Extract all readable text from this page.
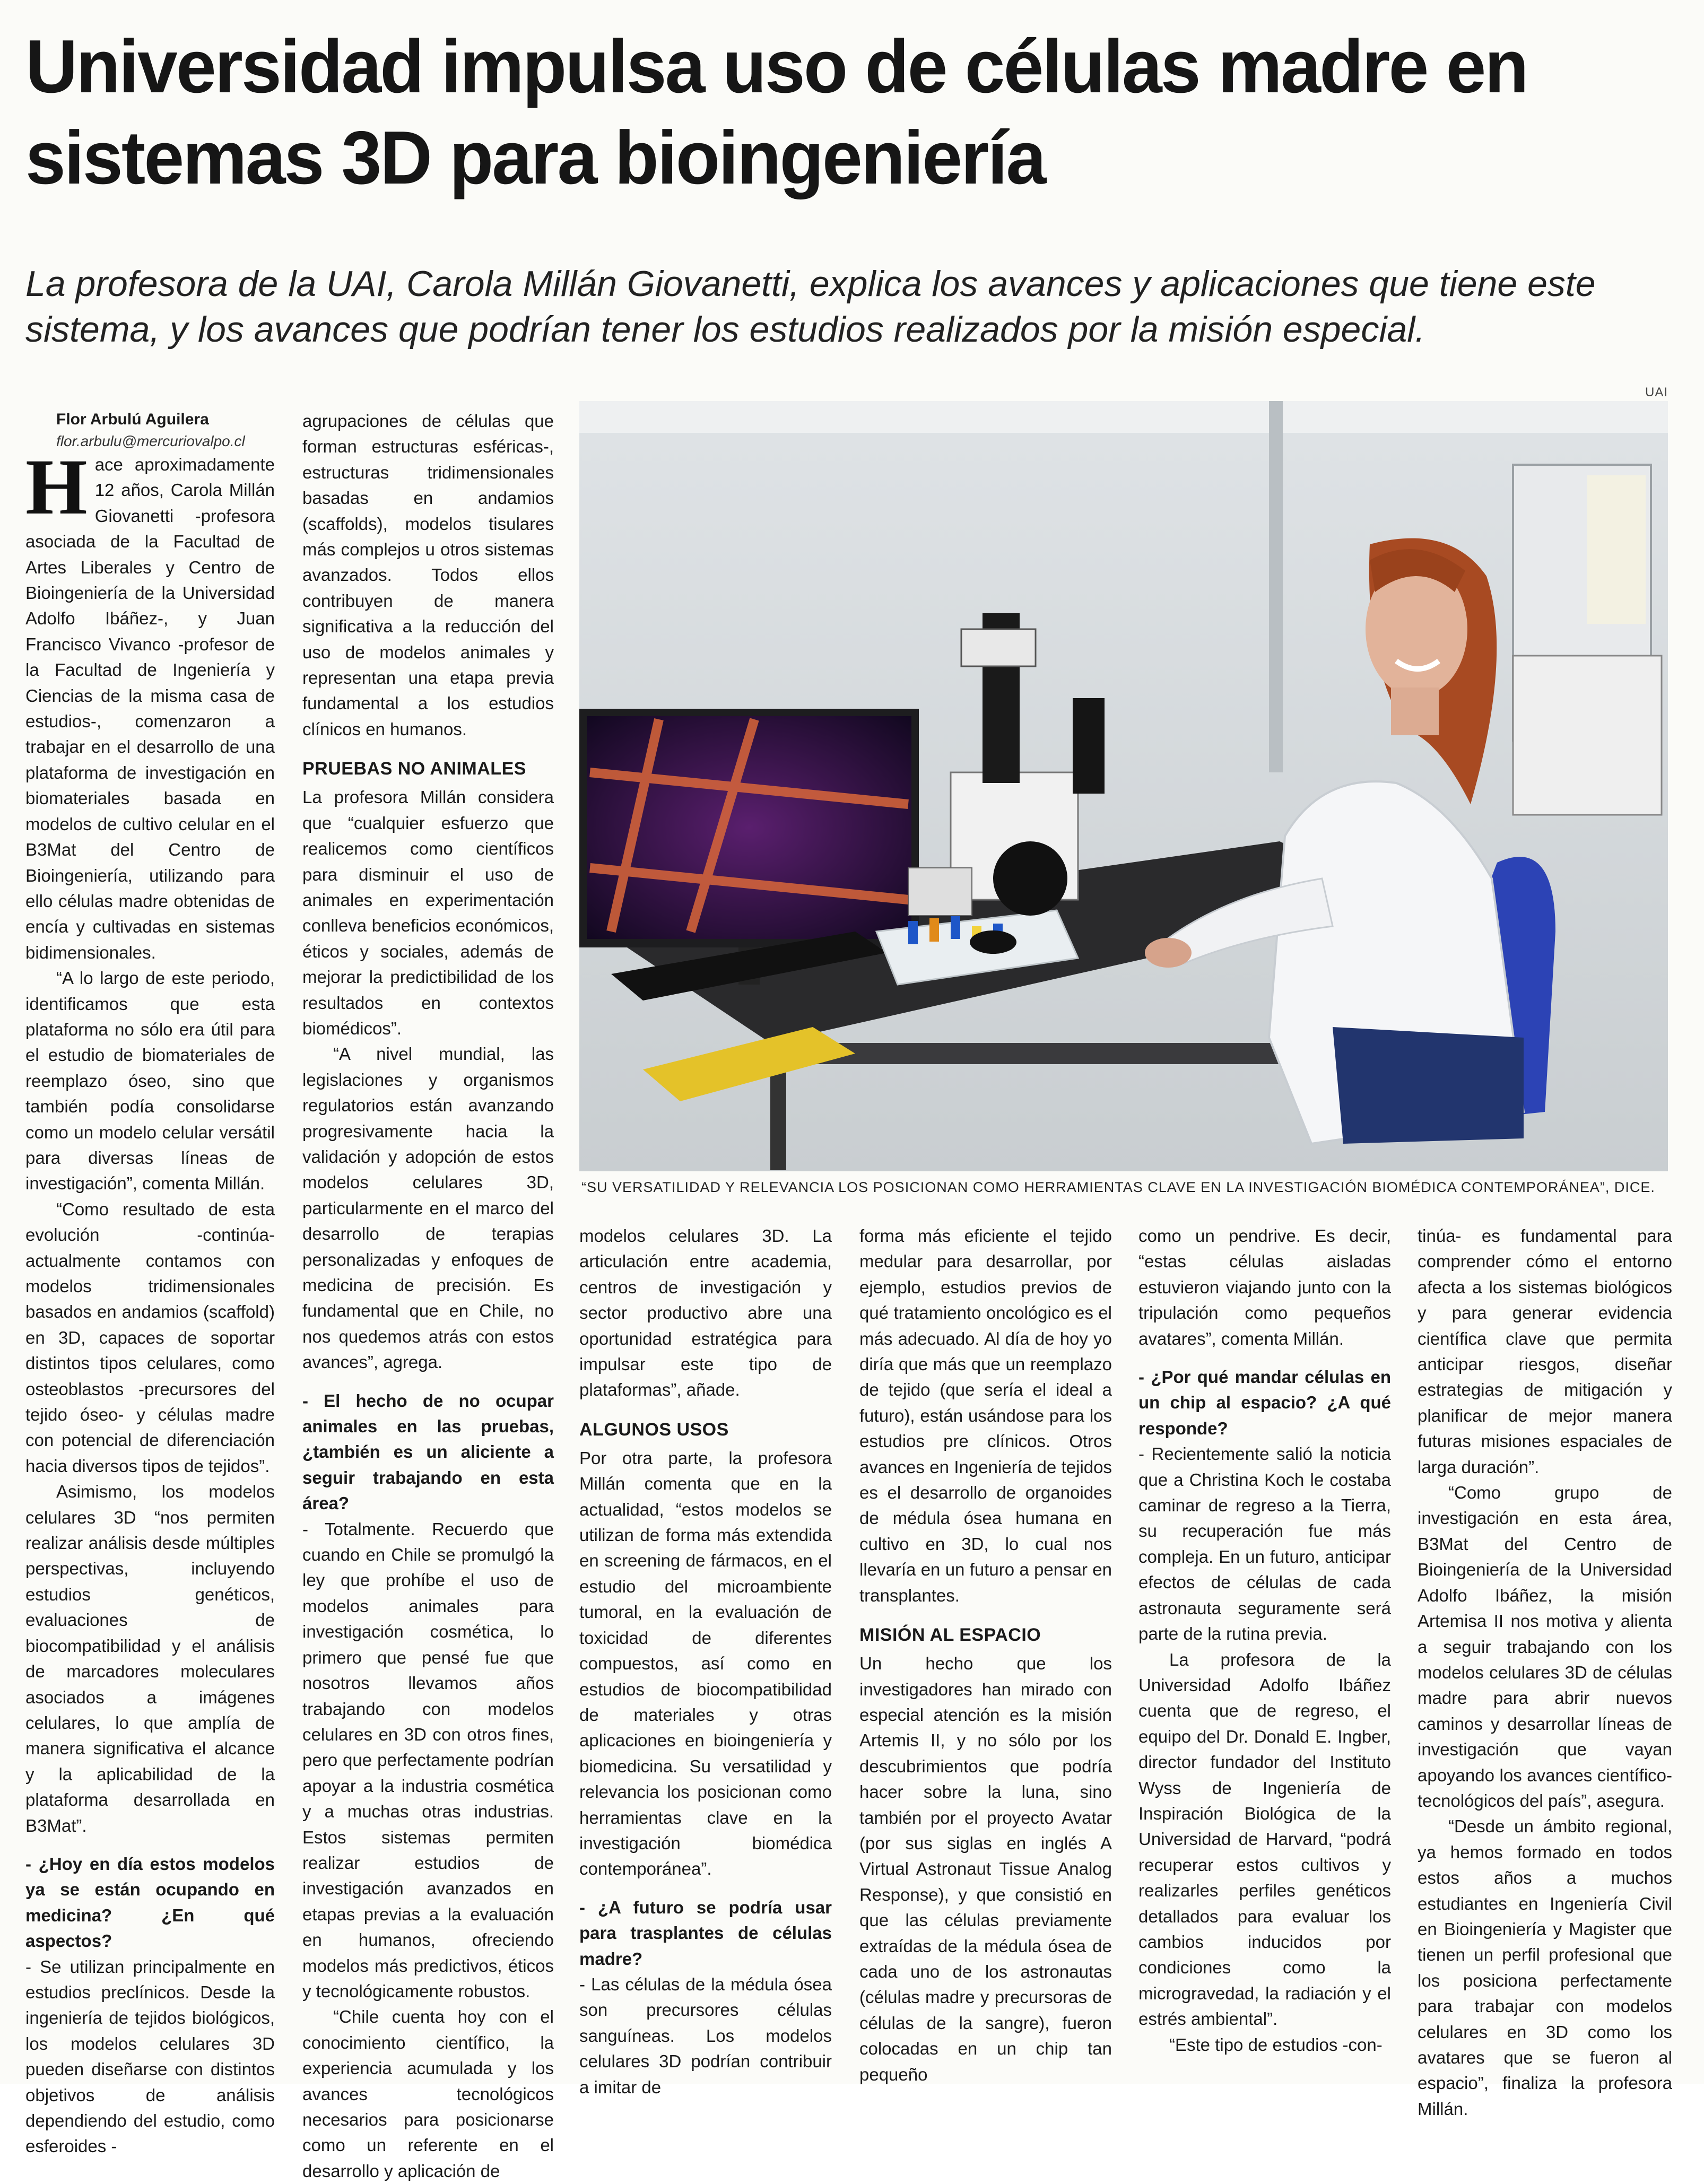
Universidad impulsa uso de células madre en sistemas 3D para bioingeniería
La profesora de la UAI, Carola Millán Giovanetti, explica los avances y aplicaciones que tiene este sistema, y los avances que podrían tener los estudios realizados por la misión especial.

Flor Arbulú Aguilera

flor.arbulu@mercuriovalpo.cl

Hace aproximadamente 12 años, Carola Millán Giovanetti -profesora asociada de la Facultad de Artes Liberales y Centro de Bioingeniería de la Universidad Adolfo Ibáñez-, y Juan Francisco Vivanco -profesor de la Facultad de Ingeniería y Ciencias de la misma casa de estudios-, comenzaron a trabajar en el desarrollo de una plataforma de investigación en biomateriales basada en modelos de cultivo celular en el B3Mat del Centro de Bioingeniería, utilizando para ello células madre obtenidas de encía y cultivadas en sistemas bidimensionales.

“A lo largo de este periodo, identificamos que esta plataforma no sólo era útil para el estudio de biomateriales de reemplazo óseo, sino que también podía consolidarse como un modelo celular versátil para diversas líneas de investigación”, comenta Millán.

“Como resultado de esta evolución -continúa- actualmente contamos con modelos tridimensionales basados en andamios (scaffold) en 3D, capaces de soportar distintos tipos celulares, como osteoblastos -precursores del tejido óseo- y células madre con potencial de diferenciación hacia diversos tipos de tejidos”.

Asimismo, los modelos celulares 3D “nos permiten realizar análisis desde múltiples perspectivas, incluyendo estudios genéticos, evaluaciones de biocompatibilidad y el análisis de marcadores moleculares asociados a imágenes celulares, lo que amplía de manera significativa el alcance y la aplicabilidad de la plataforma desarrollada en B3Mat”.

- ¿Hoy en día estos modelos ya se están ocupando en medicina? ¿En qué aspectos?

- Se utilizan principalmente en estudios preclínicos. Desde la ingeniería de tejidos biológicos, los modelos celulares 3D pueden diseñarse con distintos objetivos de análisis dependiendo del estudio, como esferoides -

agrupaciones de células que forman estructuras esféricas-, estructuras tridimensionales basadas en andamios (scaffolds), modelos tisulares más complejos u otros sistemas avanzados. Todos ellos contribuyen de manera significativa a la reducción del uso de modelos animales y representan una etapa previa fundamental a los estudios clínicos en humanos.

PRUEBAS NO ANIMALES

La profesora Millán considera que “cualquier esfuerzo que realicemos como científicos para disminuir el uso de animales en experimentación conlleva beneficios económicos, éticos y sociales, además de mejorar la predictibilidad de los resultados en contextos biomédicos”.

“A nivel mundial, las legislaciones y organismos regulatorios están avanzando progresivamente hacia la validación y adopción de estos modelos celulares 3D, particularmente en el marco del desarrollo de terapias personalizadas y enfoques de medicina de precisión. Es fundamental que en Chile, no nos quedemos atrás con estos avances”, agrega.

- El hecho de no ocupar animales en las pruebas, ¿también es un aliciente a seguir trabajando en esta área?

- Totalmente. Recuerdo que cuando en Chile se promulgó la ley que prohíbe el uso de modelos animales para investigación cosmética, lo primero que pensé fue que nosotros llevamos años trabajando con modelos celulares en 3D con otros fines, pero que perfectamente podrían apoyar a la industria cosmética y a muchas otras industrias. Estos sistemas permiten realizar estudios de investigación avanzados en etapas previas a la evaluación en humanos, ofreciendo modelos más predictivos, éticos y tecnológicamente robustos.

“Chile cuenta hoy con el conocimiento científico, la experiencia acumulada y los avances tecnológicos necesarios para posicionarse como un referente en el desarrollo y aplicación de

UAI
“SU VERSATILIDAD Y RELEVANCIA LOS POSICIONAN COMO HERRAMIENTAS CLAVE EN LA INVESTIGACIÓN BIOMÉDICA CONTEMPORÁNEA”, DICE.

modelos celulares 3D. La articulación entre academia, centros de investigación y sector productivo abre una oportunidad estratégica para impulsar este tipo de plataformas”, añade.

ALGUNOS USOS

Por otra parte, la profesora Millán comenta que en la actualidad, “estos modelos se utilizan de forma más extendida en screening de fármacos, en el estudio del microambiente tumoral, en la evaluación de toxicidad de diferentes compuestos, así como en estudios de biocompatibilidad de materiales y otras aplicaciones en bioingeniería y biomedicina. Su versatilidad y relevancia los posicionan como herramientas clave en la investigación biomédica contemporánea”.

- ¿A futuro se podría usar para trasplantes de células madre?

- Las células de la médula ósea son precursores células sanguíneas. Los modelos celulares 3D podrían contribuir a imitar de

forma más eficiente el tejido medular para desarrollar, por ejemplo, estudios previos de qué tratamiento oncológico es el más adecuado. Al día de hoy yo diría que más que un reemplazo de tejido (que sería el ideal a futuro), están usándose para los estudios pre clínicos. Otros avances en Ingeniería de tejidos es el desarrollo de organoides de médula ósea humana en cultivo en 3D, lo cual nos llevaría en un futuro a pensar en transplantes.

MISIÓN AL ESPACIO

Un hecho que los investigadores han mirado con especial atención es la misión Artemis II, y no sólo por los descubrimientos que podría hacer sobre la luna, sino también por el proyecto Avatar (por sus siglas en inglés A Virtual Astronaut Tissue Analog Response), y que consistió en que las células previamente extraídas de la médula ósea de cada uno de los astronautas (células madre y precursoras de células de la sangre), fueron colocadas en un chip tan pequeño

como un pendrive. Es decir, “estas células aisladas estuvieron viajando junto con la tripulación como pequeños avatares”, comenta Millán.

- ¿Por qué mandar células en un chip al espacio? ¿A qué responde?

- Recientemente salió la noticia que a Christina Koch le costaba caminar de regreso a la Tierra, su recuperación fue más compleja. En un futuro, anticipar efectos de células de cada astronauta seguramente será parte de la rutina previa.

La profesora de la Universidad Adolfo Ibáñez cuenta que de regreso, el equipo del Dr. Donald E. Ingber, director fundador del Instituto Wyss de Ingeniería de Inspiración Biológica de la Universidad de Harvard, “podrá recuperar estos cultivos y realizarles perfiles genéticos detallados para evaluar los cambios inducidos por condiciones como la microgravedad, la radiación y el estrés ambiental”.

“Este tipo de estudios -con-

tinúa- es fundamental para comprender cómo el entorno afecta a los sistemas biológicos y para generar evidencia científica clave que permita anticipar riesgos, diseñar estrategias de mitigación y planificar de mejor manera futuras misiones espaciales de larga duración”.

“Como grupo de investigación en esta área, B3Mat del Centro de Bioingeniería de la Universidad Adolfo Ibáñez, la misión Artemisa II nos motiva y alienta a seguir trabajando con los modelos celulares 3D de células madre para abrir nuevos caminos y desarrollar líneas de investigación que vayan apoyando los avances científico-tecnológicos del país”, asegura.

“Desde un ámbito regional, ya hemos formado en todos estos años a muchos estudiantes en Ingeniería Civil en Bioingeniería y Magister que tienen un perfil profesional que los posiciona perfectamente para trabajar con modelos celulares en 3D como los avatares que se fueron al espacio”, finaliza la profesora Millán.
